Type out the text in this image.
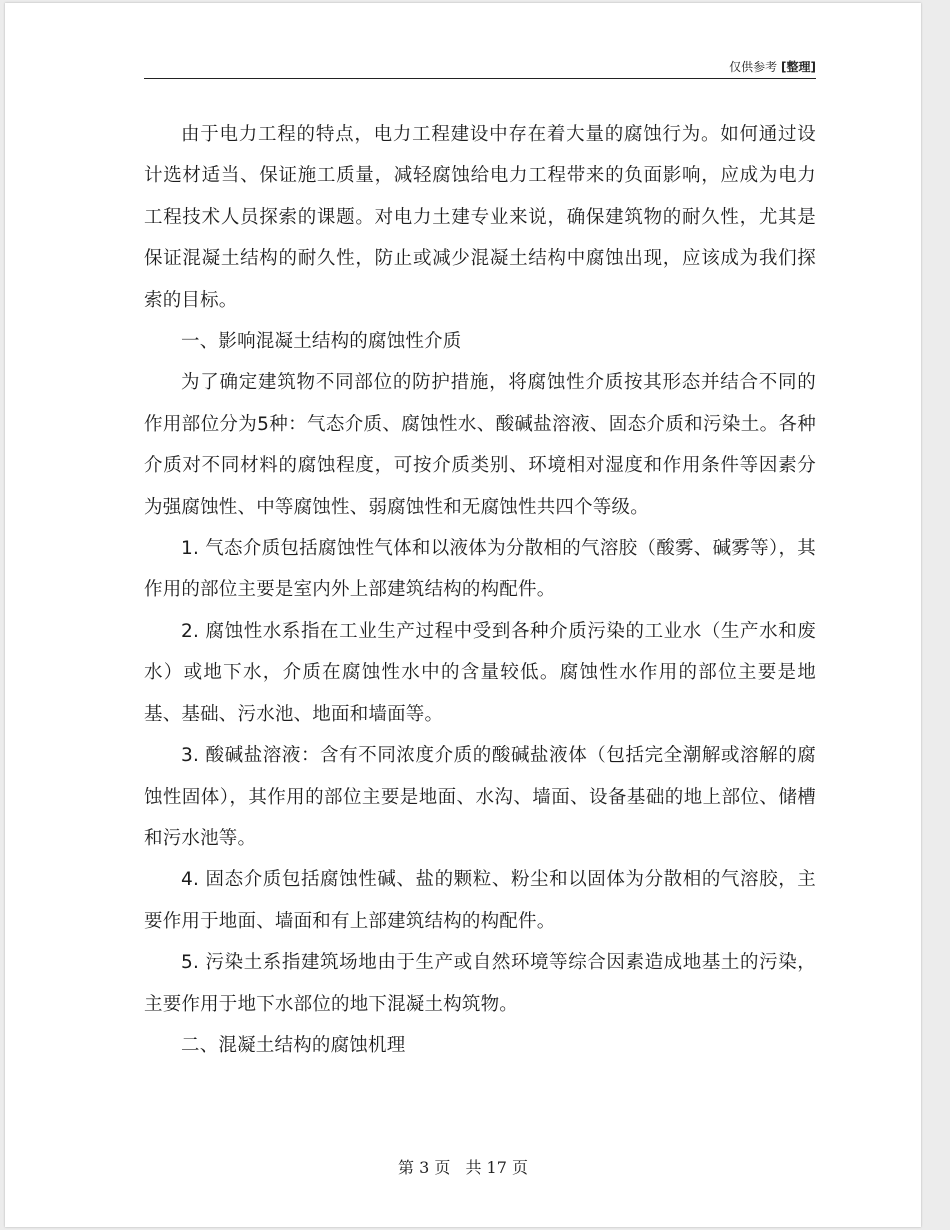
仅供参考 [整理]

由于电力工程的特点，电力工程建设中存在着大量的腐蚀行为。如何通过设计选材适当、保证施工质量，减轻腐蚀给电力工程带来的负面影响，应成为电力工程技术人员探索的课题。对电力土建专业来说，确保建筑物的耐久性，尤其是保证混凝土结构的耐久性，防止或减少混凝土结构中腐蚀出现，应该成为我们探索的目标。

一、影响混凝土结构的腐蚀性介质

为了确定建筑物不同部位的防护措施，将腐蚀性介质按其形态并结合不同的作用部位分为5种：气态介质、腐蚀性水、酸碱盐溶液、固态介质和污染土。各种介质对不同材料的腐蚀程度，可按介质类别、环境相对湿度和作用条件等因素分为强腐蚀性、中等腐蚀性、弱腐蚀性和无腐蚀性共四个等级。

1. 气态介质包括腐蚀性气体和以液体为分散相的气溶胶（酸雾、碱雾等），其作用的部位主要是室内外上部建筑结构的构配件。

2. 腐蚀性水系指在工业生产过程中受到各种介质污染的工业水（生产水和废水）或地下水，介质在腐蚀性水中的含量较低。腐蚀性水作用的部位主要是地基、基础、污水池、地面和墙面等。

3. 酸碱盐溶液：含有不同浓度介质的酸碱盐液体（包括完全潮解或溶解的腐蚀性固体），其作用的部位主要是地面、水沟、墙面、设备基础的地上部位、储槽和污水池等。

4. 固态介质包括腐蚀性碱、盐的颗粒、粉尘和以固体为分散相的气溶胶，主要作用于地面、墙面和有上部建筑结构的构配件。

5. 污染土系指建筑场地由于生产或自然环境等综合因素造成地基土的污染，主要作用于地下水部位的地下混凝土构筑物。

二、混凝土结构的腐蚀机理

第 3 页 共 17 页
